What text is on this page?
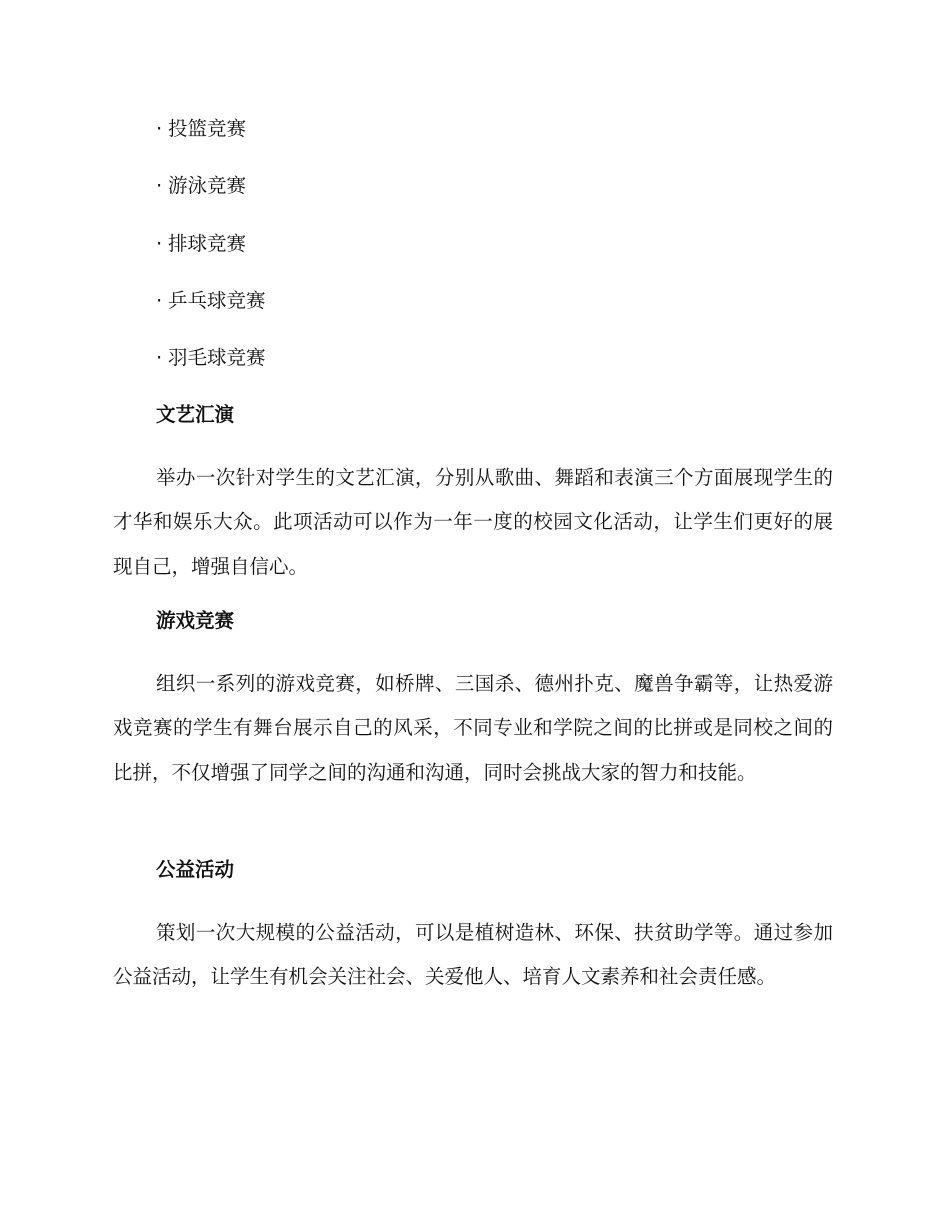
· 投篮竞赛
· 游泳竞赛
· 排球竞赛
· 乒乓球竞赛
· 羽毛球竞赛
文艺汇演

举办一次针对学生的文艺汇演，分别从歌曲、舞蹈和表演三个方面展现学生的才华和娱乐大众。此项活动可以作为一年一度的校园文化活动，让学生们更好的展现自己，增强自信心。

游戏竞赛

组织一系列的游戏竞赛，如桥牌、三国杀、德州扑克、魔兽争霸等，让热爱游戏竞赛的学生有舞台展示自己的风采，不同专业和学院之间的比拼或是同校之间的比拼，不仅增强了同学之间的沟通和沟通，同时会挑战大家的智力和技能。

公益活动

策划一次大规模的公益活动，可以是植树造林、环保、扶贫助学等。通过参加公益活动，让学生有机会关注社会、关爱他人、培育人文素养和社会责任感。
